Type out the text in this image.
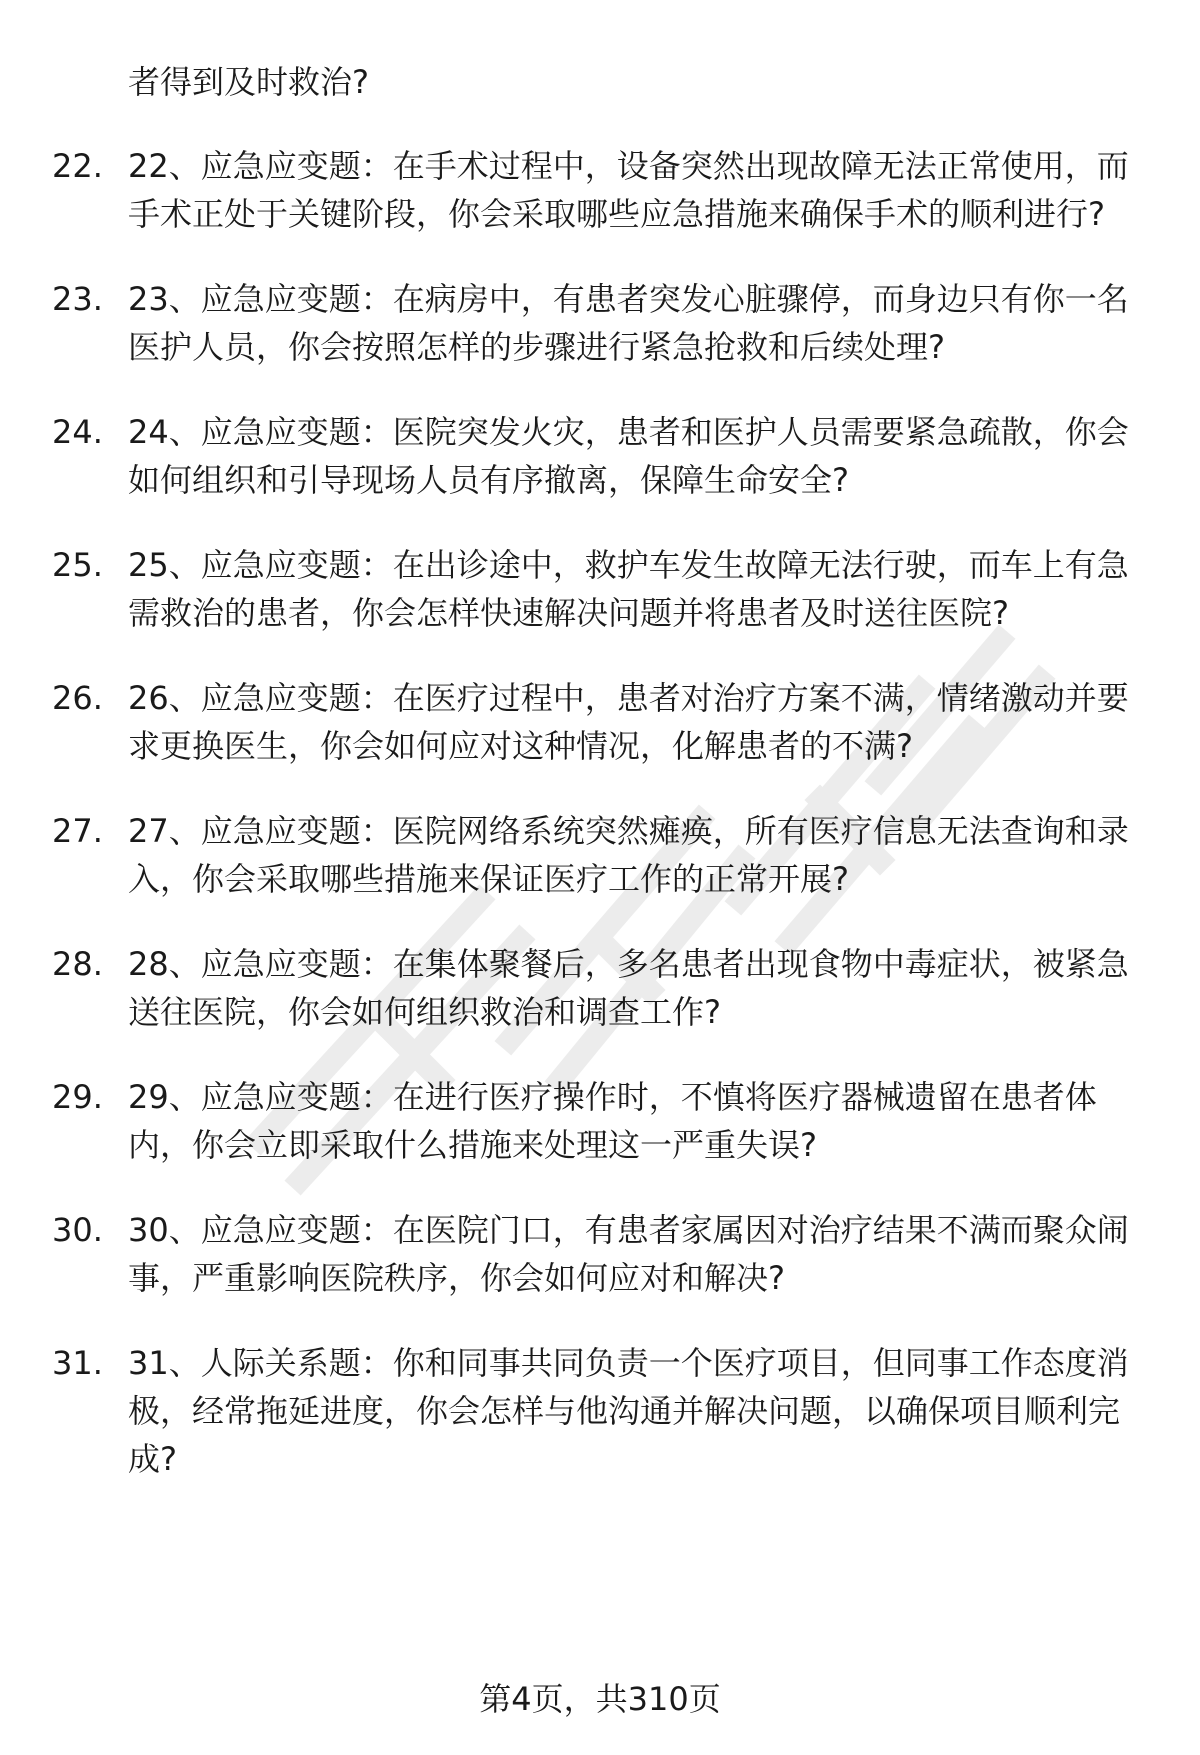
者得到及时救治?

22. 22、应急应变题：在手术过程中，设备突然出现故障无法正常使用，而手术正处于关键阶段，你会采取哪些应急措施来确保手术的顺利进行?
23. 23、应急应变题：在病房中，有患者突发心脏骤停，而身边只有你一名医护人员，你会按照怎样的步骤进行紧急抢救和后续处理?
24. 24、应急应变题：医院突发火灾，患者和医护人员需要紧急疏散，你会如何组织和引导现场人员有序撤离，保障生命安全?
25. 25、应急应变题：在出诊途中，救护车发生故障无法行驶，而车上有急需救治的患者，你会怎样快速解决问题并将患者及时送往医院?
26. 26、应急应变题：在医疗过程中，患者对治疗方案不满，情绪激动并要求更换医生，你会如何应对这种情况，化解患者的不满?
27. 27、应急应变题：医院网络系统突然瘫痪，所有医疗信息无法查询和录入，你会采取哪些措施来保证医疗工作的正常开展?
28. 28、应急应变题：在集体聚餐后，多名患者出现食物中毒症状，被紧急送往医院，你会如何组织救治和调查工作?
29. 29、应急应变题：在进行医疗操作时，不慎将医疗器械遗留在患者体内，你会立即采取什么措施来处理这一严重失误?
30. 30、应急应变题：在医院门口，有患者家属因对治疗结果不满而聚众闹事，严重影响医院秩序，你会如何应对和解决?
31. 31、人际关系题：你和同事共同负责一个医疗项目，但同事工作态度消极，经常拖延进度，你会怎样与他沟通并解决问题，以确保项目顺利完成?
第4页，共310页
